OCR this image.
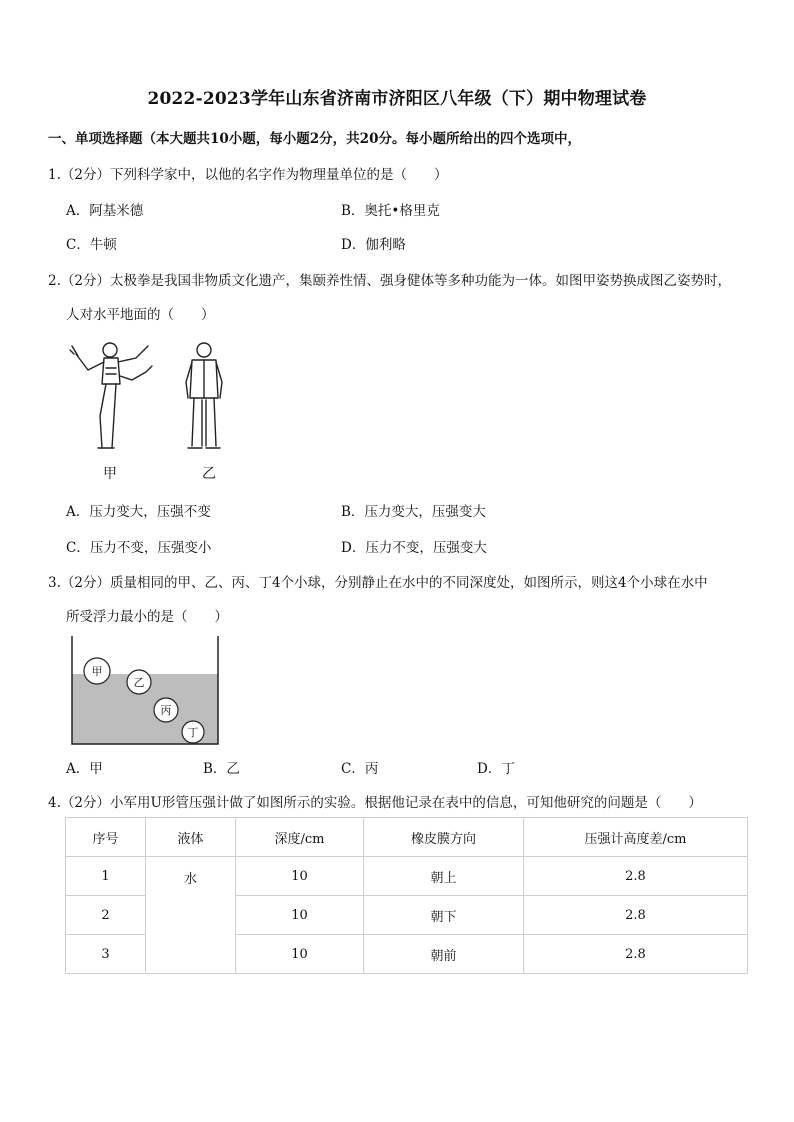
2022-2023学年山东省济南市济阳区八年级（下）期中物理试卷
一、单项选择题（本大题共10小题，每小题2分，共20分。每小题所给出的四个选项中，
1.（2分）下列科学家中，以他的名字作为物理量单位的是（　　）
A．阿基米德	B．奥托•格里克
C．牛顿	D．伽利略
2.（2分）太极拳是我国非物质文化遗产，集颐养性情、强身健体等多种功能为一体。如图甲姿势换成图乙姿势时，
人对水平地面的（　　）
甲	乙
A．压力变大，压强不变	B．压力变大，压强变大
C．压力不变，压强变小	D．压力不变，压强变大
3.（2分）质量相同的甲、乙、丙、丁4个小球，分别静止在水中的不同深度处，如图所示，则这4个小球在水中
所受浮力最小的是（　　）
甲
乙
丙
丁
A．甲	B．乙	C．丙	D．丁
4.（2分）小军用U形管压强计做了如图所示的实验。根据他记录在表中的信息，可知他研究的问题是（　　）
序号	液体	深度/cm	橡皮膜方向	压强计高度差/cm
1	水	10	朝上	2.8
2		10	朝下	2.8
3		10	朝前	2.8
